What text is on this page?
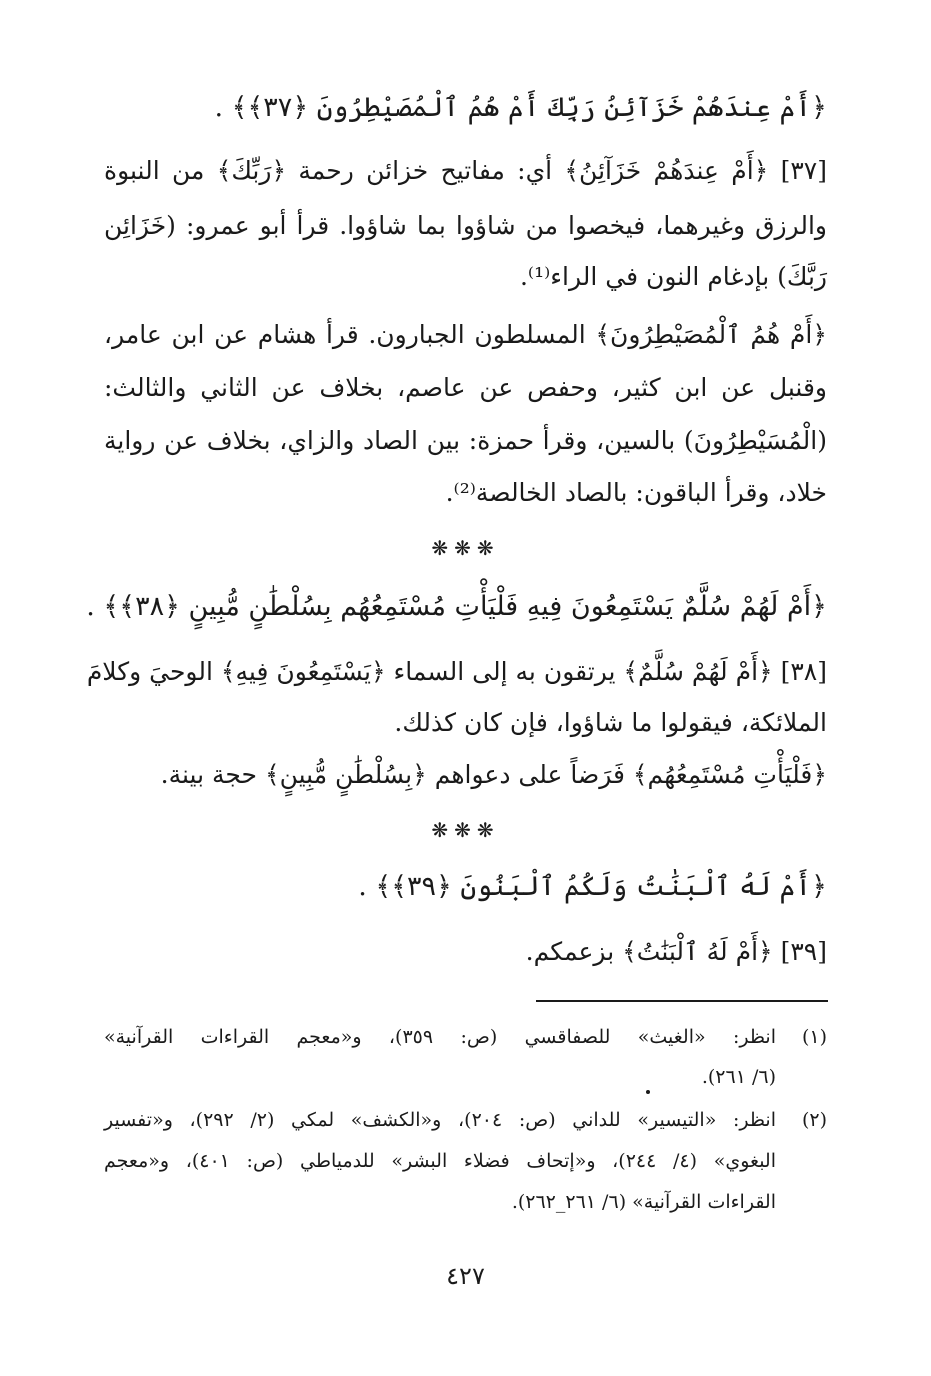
﴿أَمْ عِندَهُمْ خَزَآئِنُ رَبِّكَ أَمْ هُمُ ٱلْمُصَيْطِرُونَ ﴿٣٧﴾﴾ .
[٣٧] ﴿أَمْ عِندَهُمْ خَزَآئِنُ﴾ أي: مفاتيح خزائن رحمة ﴿رَبِّكَ﴾ من النبوة
والرزق وغيرهما، فيخصوا من شاؤوا بما شاؤوا. قرأ أبو عمرو: (خَزَائِن
رَبَّكَ) بإدغام النون في الراء⁽¹⁾.
﴿أَمْ هُمُ ٱلْمُصَيْطِرُونَ﴾ المسلطون الجبارون. قرأ هشام عن ابن عامر،
وقنبل عن ابن كثير، وحفص عن عاصم، بخلاف عن الثاني والثالث:
(الْمُسَيْطِرُونَ) بالسين، وقرأ حمزة: بين الصاد والزاي، بخلاف عن رواية
خلاد، وقرأ الباقون: بالصاد الخالصة⁽²⁾.
❋❋❋
﴿أَمْ لَهُمْ سُلَّمٌ يَسْتَمِعُونَ فِيهِ فَلْيَأْتِ مُسْتَمِعُهُم بِسُلْطَٰنٍ مُّبِينٍ ﴿٣٨﴾﴾ .
[٣٨] ﴿أَمْ لَهُمْ سُلَّمٌ﴾ يرتقون به إلى السماء ﴿يَسْتَمِعُونَ فِيهِ﴾ الوحيَ وكلامَ
الملائكة، فيقولوا ما شاؤوا، فإن كان كذلك.
﴿فَلْيَأْتِ مُسْتَمِعُهُم﴾ فَرَضاً على دعواهم ﴿بِسُلْطَٰنٍ مُّبِينٍ﴾ حجة بينة.
❋❋❋
﴿أَمْ لَهُ ٱلْبَنَٰتُ وَلَكُمُ ٱلْبَنُونَ ﴿٣٩﴾﴾ .
[٣٩] ﴿أَمْ لَهُ ٱلْبَنَٰتُ﴾ بزعمكم.
(١)
انظر: «الغيث» للصفاقسي (ص: ٣٥٩)، و«معجم القراءات القرآنية»
(٦/ ٢٦١).
(٢)
انظر: «التيسير» للداني (ص: ٢٠٤)، و«الكشف» لمكي (٢/ ٢٩٢)، و«تفسير
البغوي» (٤/ ٢٤٤)، و«إتحاف فضلاء البشر» للدمياطي (ص: ٤٠١)، و«معجم
القراءات القرآنية» (٦/ ٢٦١_٢٦٢).
٤٢٧
